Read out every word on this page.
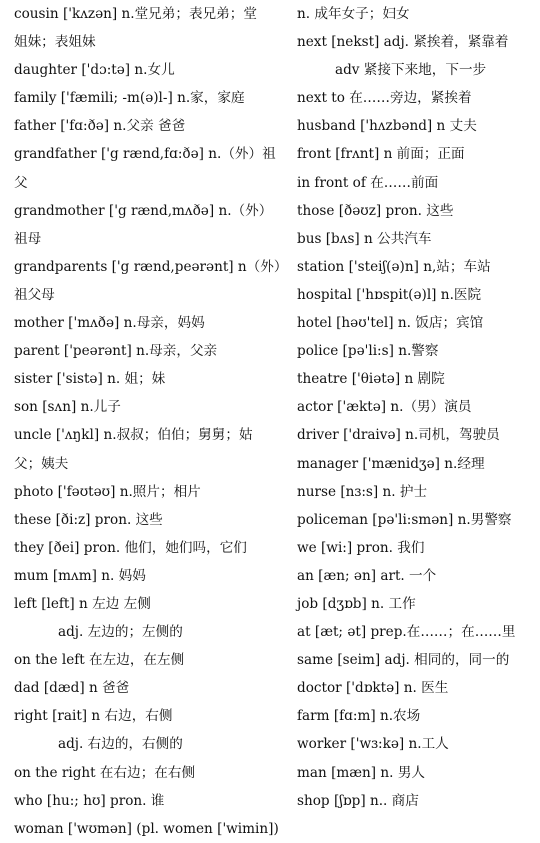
cousin ['kʌzən] n.堂兄弟；表兄弟；堂
姐妹；表姐妹
daughter ['dɔ:tə] n.女儿
family ['fæmili; -m(ə)l-] n.家，家庭
father ['fɑ:ðə] n.父亲 爸爸
grandfather ['g rænd,fɑ:ðə] n.（外）祖
父
grandmother ['g rænd,mʌðə] n.（外）
祖母
grandparents ['g rænd,peərənt] n（外）
祖父母
mother ['mʌðə] n.母亲，妈妈
parent ['peərənt] n.母亲，父亲
sister ['sistə] n. 姐；妹
son [sʌn] n.儿子
uncle ['ʌŋkl] n.叔叔；伯伯；舅舅；姑
父；姨夫
photo ['fəʊtəʊ] n.照片；相片
these [ði:z] pron. 这些
they [ðei] pron. 他们，她们吗，它们
mum [mʌm] n. 妈妈
left [left] n 左边 左侧
adj. 左边的；左侧的
on the left 在左边，在左侧
dad [dæd] n 爸爸
right [rait] n 右边，右侧
adj. 右边的，右侧的
on the right 在右边；在右侧
who [hu:; hʊ] pron. 谁
woman ['wʊmən] (pl. women ['wimin])
n. 成年女子；妇女
next [nekst] adj. 紧挨着，紧靠着
adv 紧接下来地，下一步
next to 在……旁边，紧挨着
husband ['hʌzbənd] n 丈夫
front [frʌnt] n 前面；正面
in front of 在……前面
those [ðəʊz] pron. 这些
bus [bʌs] n 公共汽车
station ['steiʃ(ə)n] n,站；车站
hospital ['hɒspit(ə)l] n.医院
hotel [həʊ'tel] n. 饭店；宾馆
police [pə'li:s] n.警察
theatre ['θiətə] n 剧院
actor ['æktə] n.（男）演员
driver ['draivə] n.司机，驾驶员
manager ['mænidʒə] n.经理
nurse [nɜ:s] n. 护士
policeman [pə'li:smən] n.男警察
we [wi:] pron. 我们
an [æn; ən] art. 一个
job [dʒɒb] n. 工作
at [æt; ət] prep.在……；在……里
same [seim] adj. 相同的，同一的
doctor ['dɒktə] n. 医生
farm [fɑ:m] n.农场
worker ['wɜ:kə] n.工人
man [mæn] n. 男人
shop [ʃɒp] n.. 商店
